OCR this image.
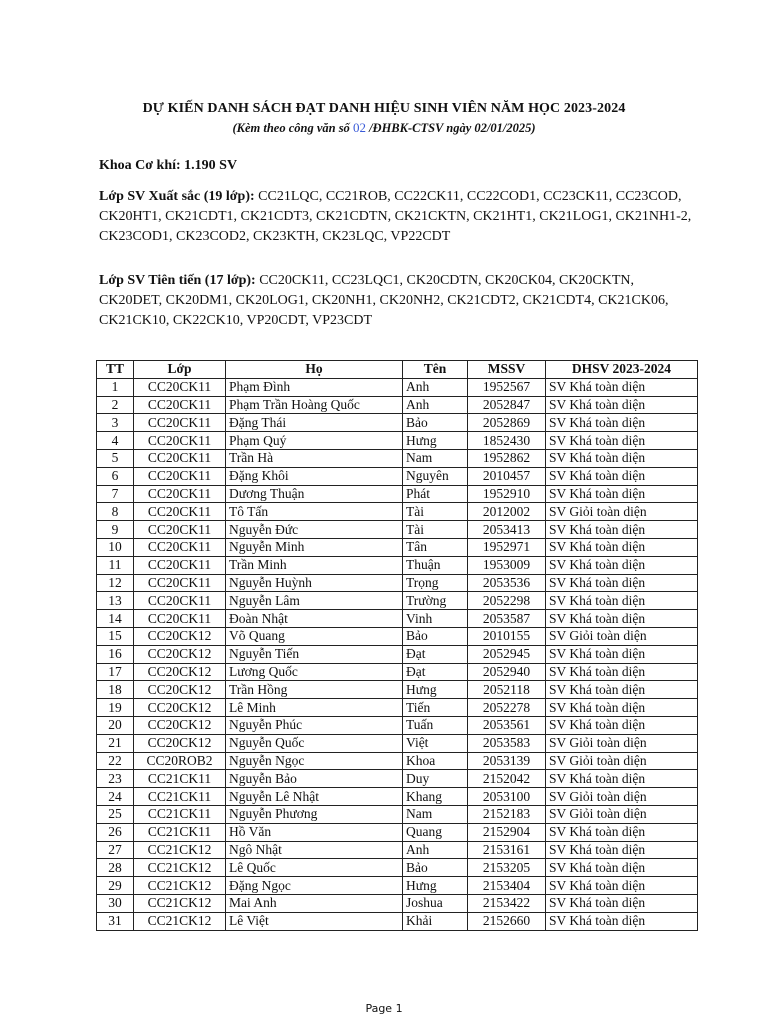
DỰ KIẾN DANH SÁCH ĐẠT DANH HIỆU SINH VIÊN NĂM HỌC 2023-2024
(Kèm theo công văn số 02 /ĐHBK-CTSV ngày 02/01/2025)
Khoa Cơ khí: 1.190 SV
Lớp SV Xuất sắc (19 lớp): CC21LQC, CC21ROB, CC22CK11, CC22COD1, CC23CK11, CC23COD, CK20HT1, CK21CDT1, CK21CDT3, CK21CDTN, CK21CKTN, CK21HT1, CK21LOG1, CK21NH1-2, CK23COD1, CK23COD2, CK23KTH, CK23LQC, VP22CDT
Lớp SV Tiên tiến (17 lớp): CC20CK11, CC23LQC1, CK20CDTN, CK20CK04, CK20CKTN, CK20DET, CK20DM1, CK20LOG1, CK20NH1, CK20NH2, CK21CDT2, CK21CDT4, CK21CK06, CK21CK10, CK22CK10, VP20CDT, VP23CDT
TT	Lớp	Họ	Tên	MSSV	DHSV 2023-2024
1	CC20CK11	Phạm Đình	Anh	1952567	SV Khá toàn diện
2	CC20CK11	Phạm Trần Hoàng Quốc	Anh	2052847	SV Khá toàn diện
3	CC20CK11	Đặng Thái	Bảo	2052869	SV Khá toàn diện
4	CC20CK11	Phạm Quý	Hưng	1852430	SV Khá toàn diện
5	CC20CK11	Trần Hà	Nam	1952862	SV Khá toàn diện
6	CC20CK11	Đặng Khôi	Nguyên	2010457	SV Khá toàn diện
7	CC20CK11	Dương Thuận	Phát	1952910	SV Khá toàn diện
8	CC20CK11	Tô Tấn	Tài	2012002	SV Giỏi toàn diện
9	CC20CK11	Nguyễn Đức	Tài	2053413	SV Khá toàn diện
10	CC20CK11	Nguyễn Minh	Tân	1952971	SV Khá toàn diện
11	CC20CK11	Trần Minh	Thuận	1953009	SV Khá toàn diện
12	CC20CK11	Nguyễn Huỳnh	Trọng	2053536	SV Khá toàn diện
13	CC20CK11	Nguyễn Lâm	Trường	2052298	SV Khá toàn diện
14	CC20CK11	Đoàn Nhật	Vinh	2053587	SV Khá toàn diện
15	CC20CK12	Võ Quang	Bảo	2010155	SV Giỏi toàn diện
16	CC20CK12	Nguyễn Tiến	Đạt	2052945	SV Khá toàn diện
17	CC20CK12	Lương Quốc	Đạt	2052940	SV Khá toàn diện
18	CC20CK12	Trần Hồng	Hưng	2052118	SV Khá toàn diện
19	CC20CK12	Lê Minh	Tiến	2052278	SV Khá toàn diện
20	CC20CK12	Nguyễn Phúc	Tuấn	2053561	SV Khá toàn diện
21	CC20CK12	Nguyễn Quốc	Việt	2053583	SV Giỏi toàn diện
22	CC20ROB2	Nguyễn Ngọc	Khoa	2053139	SV Giỏi toàn diện
23	CC21CK11	Nguyễn Bảo	Duy	2152042	SV Khá toàn diện
24	CC21CK11	Nguyễn Lê Nhật	Khang	2053100	SV Giỏi toàn diện
25	CC21CK11	Nguyễn Phương	Nam	2152183	SV Giỏi toàn diện
26	CC21CK11	Hồ Văn	Quang	2152904	SV Khá toàn diện
27	CC21CK12	Ngô Nhật	Anh	2153161	SV Khá toàn diện
28	CC21CK12	Lê Quốc	Bảo	2153205	SV Khá toàn diện
29	CC21CK12	Đặng Ngọc	Hưng	2153404	SV Khá toàn diện
30	CC21CK12	Mai Anh	Joshua	2153422	SV Khá toàn diện
31	CC21CK12	Lê Việt	Khải	2152660	SV Khá toàn diện
Page 1
